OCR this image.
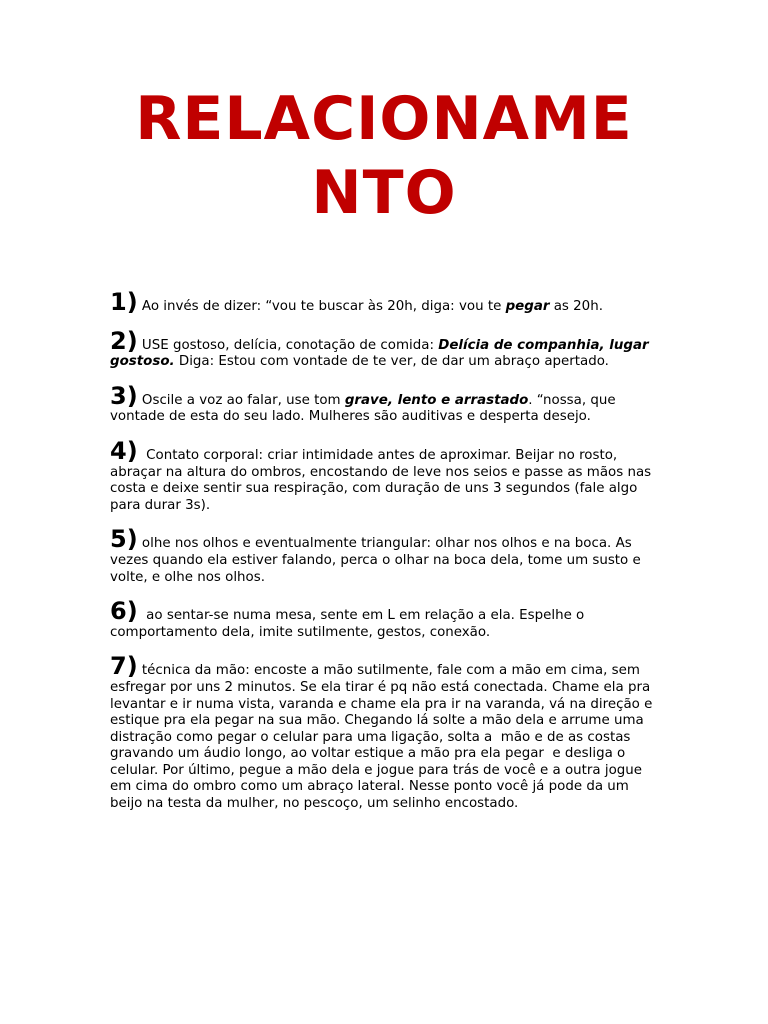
RELACIONAME
NTO

1) Ao invés de dizer: “vou te buscar às 20h, diga: vou te pegar as 20h.

2) USE gostoso, delícia, conotação de comida: Delícia de companhia, lugar gostoso. Diga: Estou com vontade de te ver, de dar um abraço apertado.

3) Oscile a voz ao falar, use tom grave, lento e arrastado. “nossa, que vontade de esta do seu lado. Mulheres são auditivas e desperta desejo.

4)  Contato corporal: criar intimidade antes de aproximar. Beijar no rosto, abraçar na altura do ombros, encostando de leve nos seios e passe as mãos nas costa e deixe sentir sua respiração, com duração de uns 3 segundos (fale algo para durar 3s).

5) olhe nos olhos e eventualmente triangular: olhar nos olhos e na boca. As vezes quando ela estiver falando, perca o olhar na boca dela, tome um susto e volte, e olhe nos olhos.

6)  ao sentar-se numa mesa, sente em L em relação a ela. Espelhe o comportamento dela, imite sutilmente, gestos, conexão.

7) técnica da mão: encoste a mão sutilmente, fale com a mão em cima, sem esfregar por uns 2 minutos. Se ela tirar é pq não está conectada. Chame ela pra levantar e ir numa vista, varanda e chame ela pra ir na varanda, vá na direção e estique pra ela pegar na sua mão. Chegando lá solte a mão dela e arrume uma distração como pegar o celular para uma ligação, solta a  mão e de as costas gravando um áudio longo, ao voltar estique a mão pra ela pegar  e desliga o celular. Por último, pegue a mão dela e jogue para trás de você e a outra jogue em cima do ombro como um abraço lateral. Nesse ponto você já pode da um beijo na testa da mulher, no pescoço, um selinho encostado.
